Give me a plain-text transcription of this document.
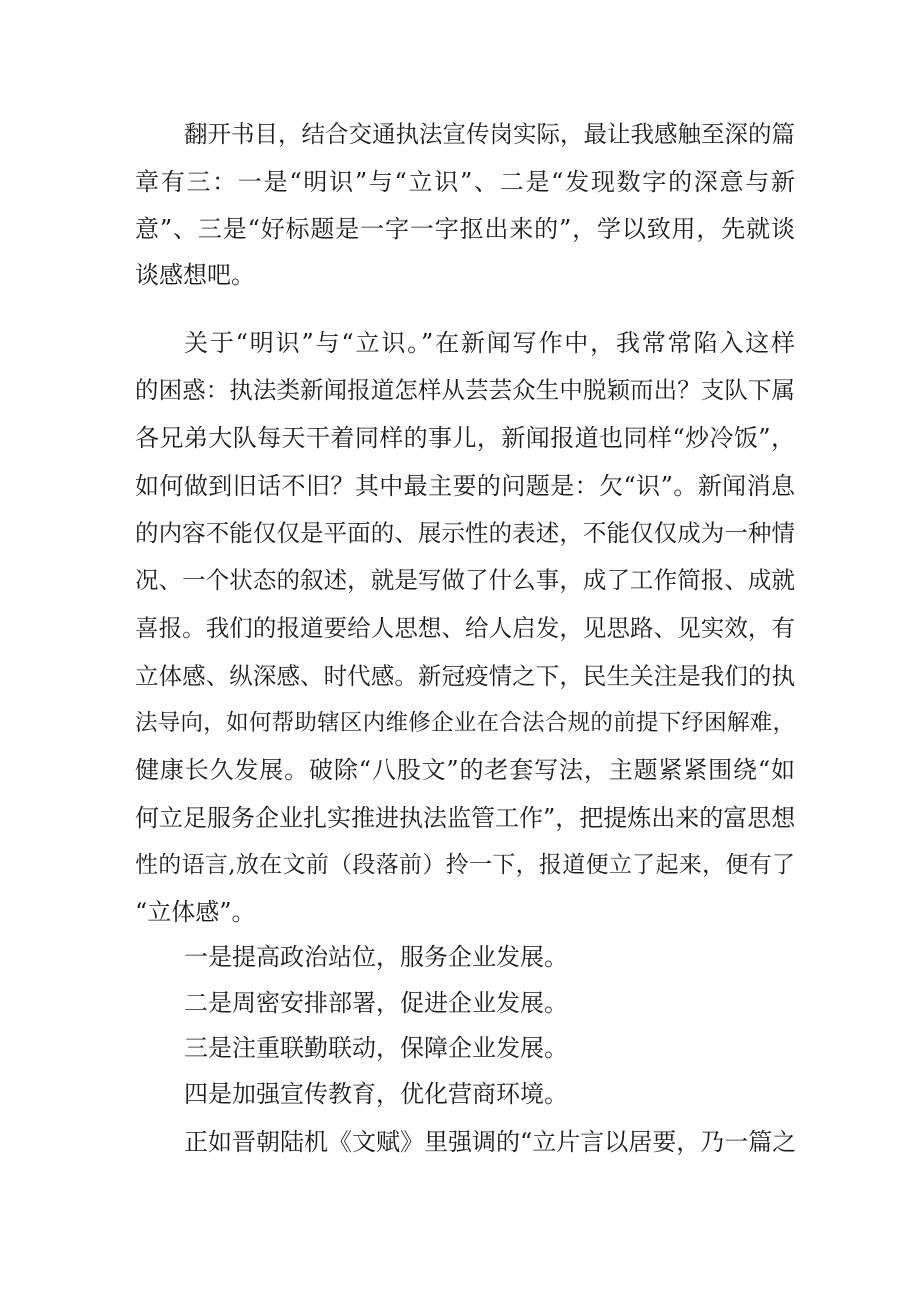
翻开书目，结合交通执法宣传岗实际，最让我感触至深的篇
章有三：一是“明识”与“立识”、二是“发现数字的深意与新
意”、三是“好标题是一字一字抠出来的”，学以致用，先就谈
谈感想吧。
关于“明识”与“立识。”在新闻写作中，我常常陷入这样
的困惑：执法类新闻报道怎样从芸芸众生中脱颖而出？支队下属
各兄弟大队每天干着同样的事儿，新闻报道也同样“炒冷饭”，
如何做到旧话不旧？其中最主要的问题是：欠“识”。新闻消息
的内容不能仅仅是平面的、展示性的表述，不能仅仅成为一种情
况、一个状态的叙述，就是写做了什么事，成了工作简报、成就
喜报。我们的报道要给人思想、给人启发，见思路、见实效，有
立体感、纵深感、时代感。新冠疫情之下，民生关注是我们的执
法导向，如何帮助辖区内维修企业在合法合规的前提下纾困解难，
健康长久发展。破除“八股文”的老套写法，主题紧紧围绕“如
何立足服务企业扎实推进执法监管工作”，把提炼出来的富思想
性的语言,放在文前（段落前）拎一下，报道便立了起来，便有了
“立体感”。
一是提高政治站位，服务企业发展。
二是周密安排部署，促进企业发展。
三是注重联勤联动，保障企业发展。
四是加强宣传教育，优化营商环境。
正如晋朝陆机《文赋》里强调的“立片言以居要，乃一篇之
